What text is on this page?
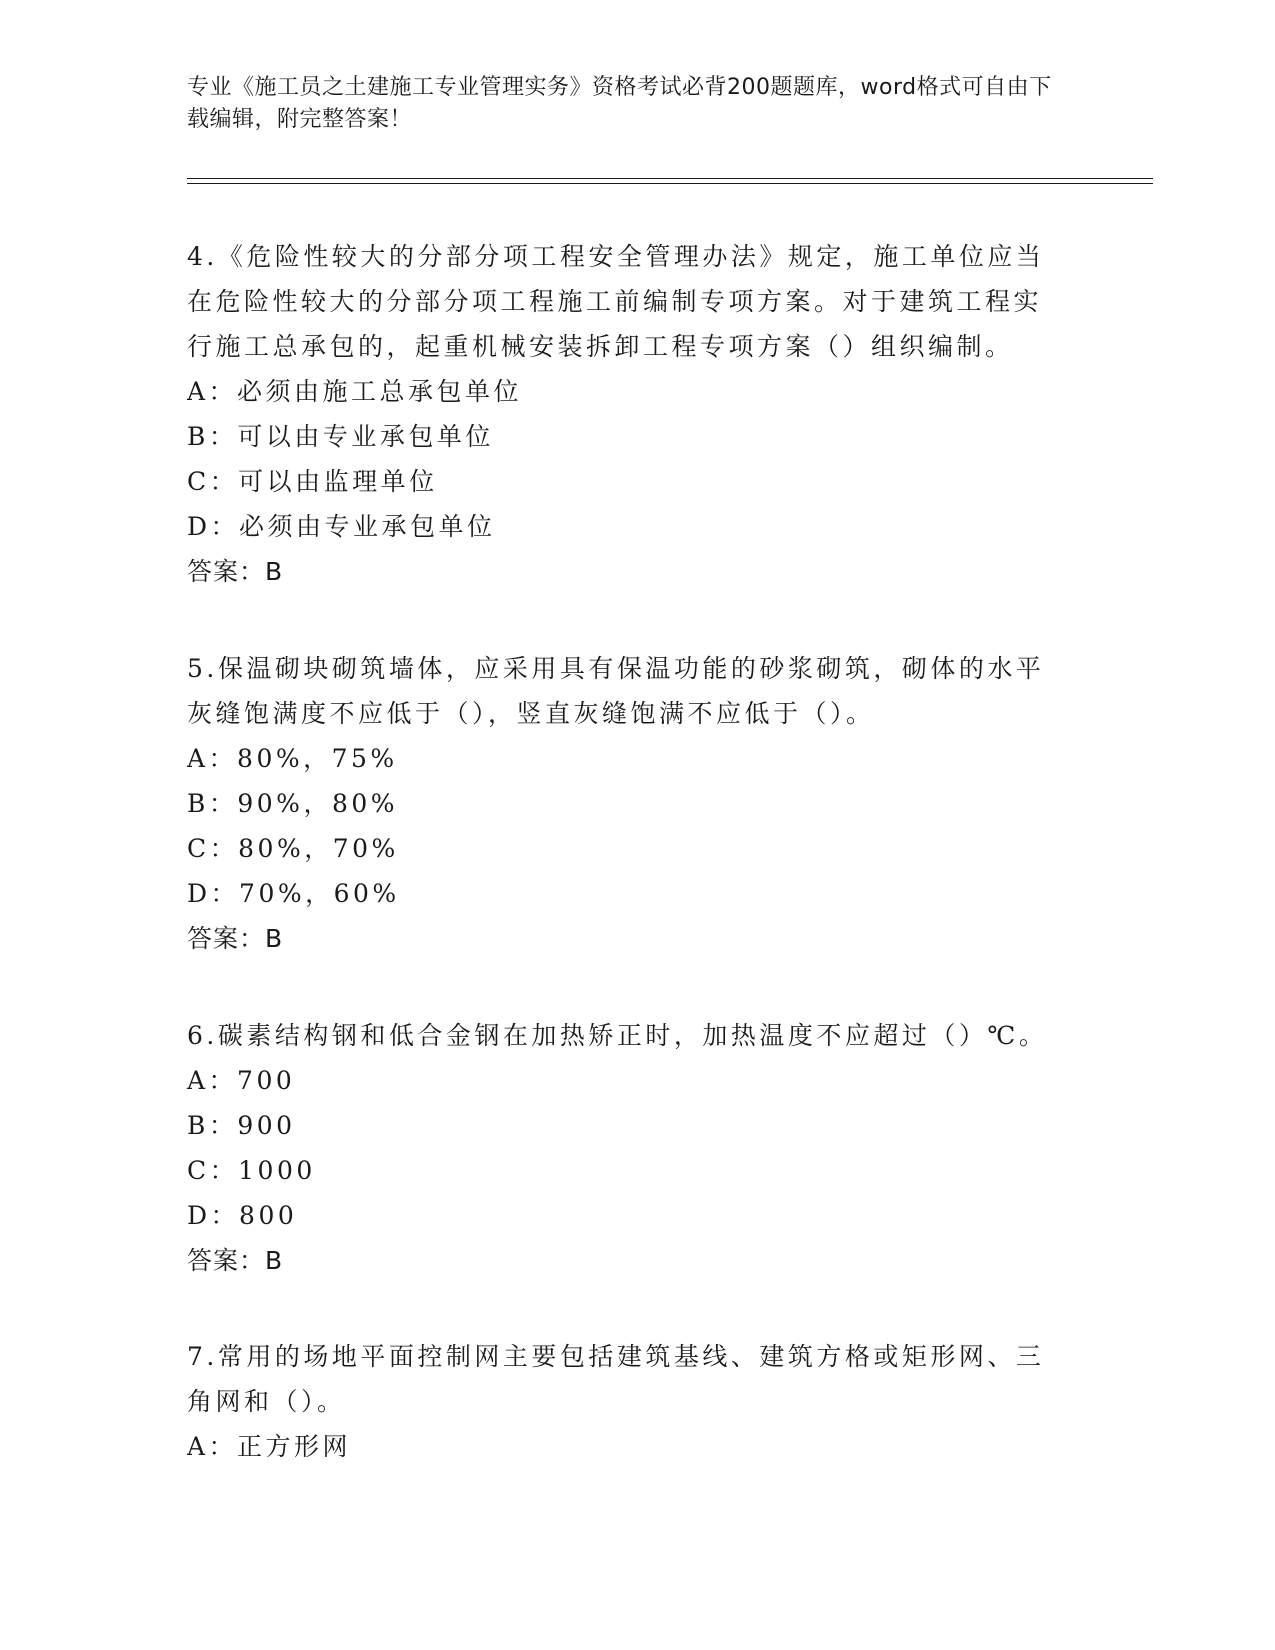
专业《施工员之土建施工专业管理实务》资格考试必背200题题库，word格式可自由下载编辑，附完整答案！

4.《危险性较大的分部分项工程安全管理办法》规定，施工单位应当在危险性较大的分部分项工程施工前编制专项方案。对于建筑工程实行施工总承包的，起重机械安装拆卸工程专项方案（）组织编制。

A：必须由施工总承包单位

B：可以由专业承包单位

C：可以由监理单位

D：必须由专业承包单位

答案：B

5.保温砌块砌筑墙体，应采用具有保温功能的砂浆砌筑，砌体的水平灰缝饱满度不应低于（），竖直灰缝饱满不应低于（）。

A：80%，75%

B：90%，80%

C：80%，70%

D：70%，60%

答案：B

6.碳素结构钢和低合金钢在加热矫正时，加热温度不应超过（）℃。

A：700

B：900

C：1000

D：800

答案：B

7.常用的场地平面控制网主要包括建筑基线、建筑方格或矩形网、三角网和（）。

A：正方形网
